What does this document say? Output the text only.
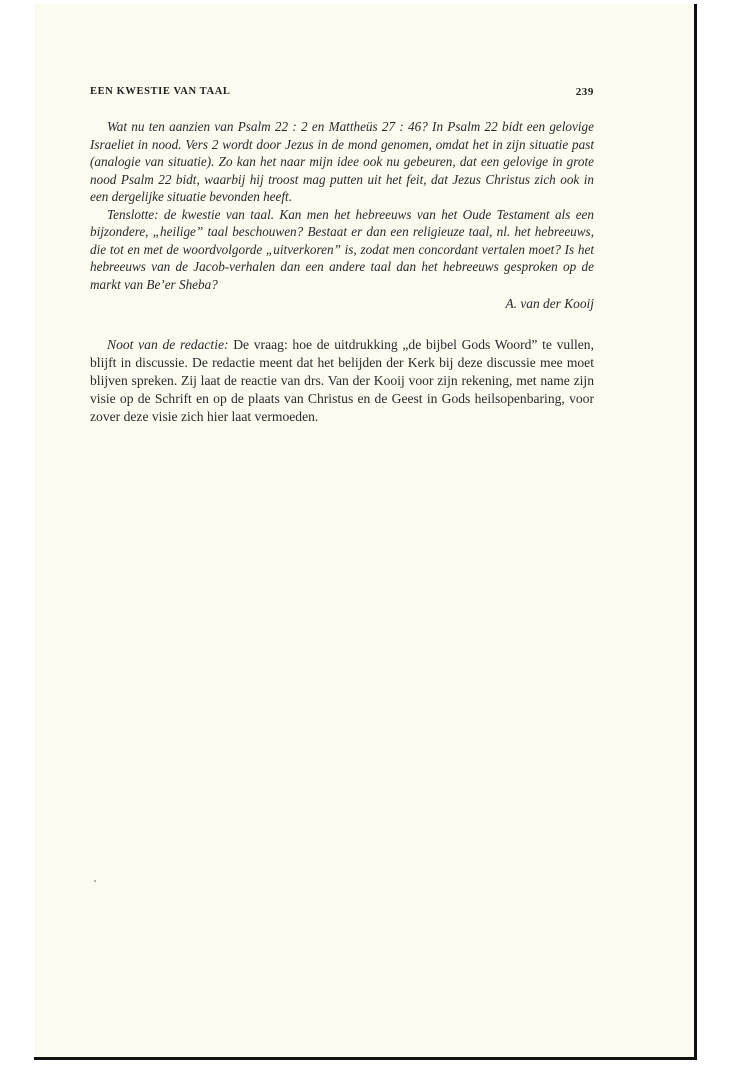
EEN KWESTIE VAN TAAL	239

Wat nu ten aanzien van Psalm 22 : 2 en Mattheüs 27 : 46? In Psalm 22 bidt een gelovige Israeliet in nood. Vers 2 wordt door Jezus in de mond genomen, omdat het in zijn situatie past (analogie van situatie). Zo kan het naar mijn idee ook nu gebeuren, dat een gelovige in grote nood Psalm 22 bidt, waarbij hij troost mag putten uit het feit, dat Jezus Christus zich ook in een dergelijke situatie bevonden heeft.

Tenslotte: de kwestie van taal. Kan men het hebreeuws van het Oude Testament als een bijzondere, „heilige” taal beschouwen? Bestaat er dan een religieuze taal, nl. het hebreeuws, die tot en met de woordvolgorde „uitverkoren” is, zodat men concordant vertalen moet? Is het hebreeuws van de Jacob-verhalen dan een andere taal dan het hebreeuws gesproken op de markt van Be’er Sheba?

A. van der Kooij

Noot van de redactie: De vraag: hoe de uitdrukking „de bijbel Gods Woord” te vullen, blijft in discussie. De redactie meent dat het belijden der Kerk bij deze discussie mee moet blijven spreken. Zij laat de reactie van drs. Van der Kooij voor zijn rekening, met name zijn visie op de Schrift en op de plaats van Christus en de Geest in Gods heilsopenbaring, voor zover deze visie zich hier laat vermoeden.
